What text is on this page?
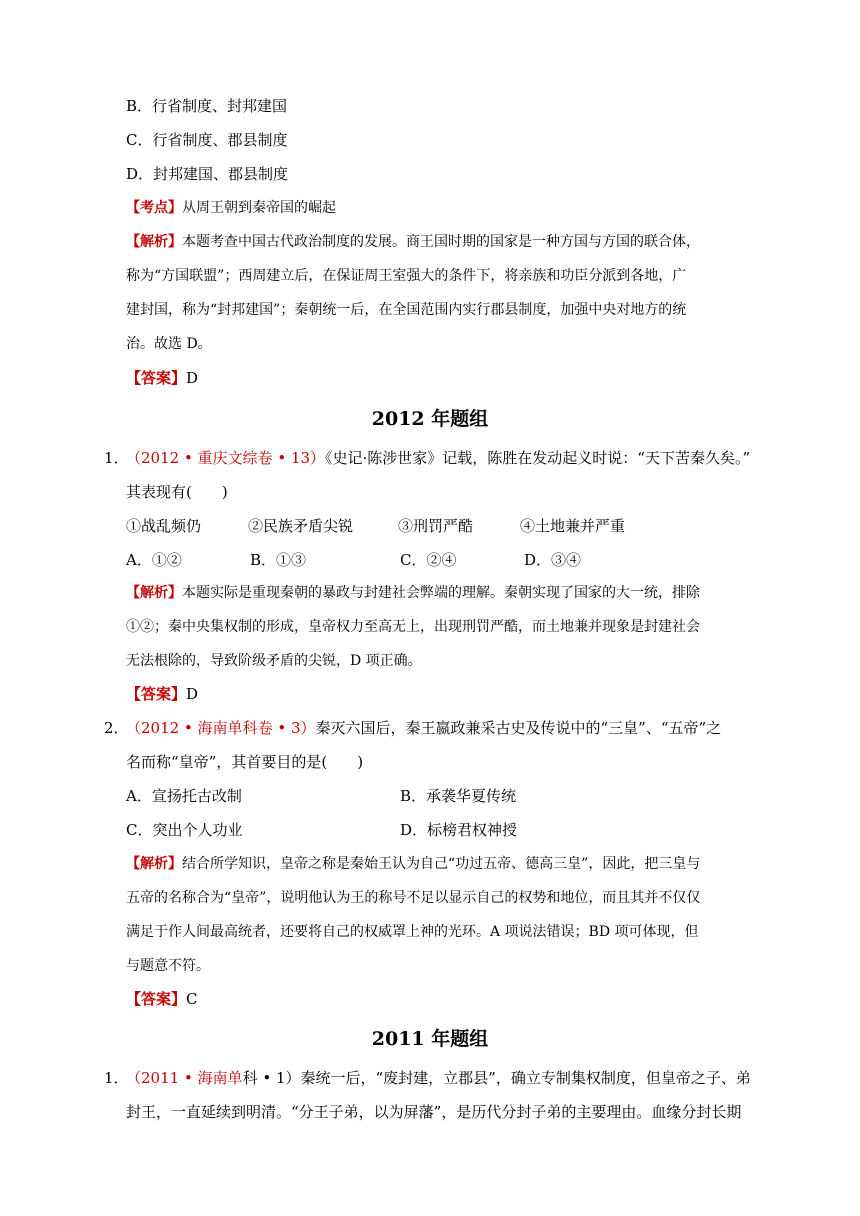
B．行省制度、封邦建国
C．行省制度、郡县制度
D．封邦建国、郡县制度
【考点】从周王朝到秦帝国的崛起
【解析】本题考查中国古代政治制度的发展。商王国时期的国家是一种方国与方国的联合体，
称为“方国联盟”；西周建立后，在保证周王室强大的条件下，将亲族和功臣分派到各地，广
建封国，称为“封邦建国”；秦朝统一后，在全国范围内实行郡县制度，加强中央对地方的统
治。故选 D。
【答案】D
2012 年题组
1．
（2012 • 重庆文综卷 • 13）《史记·陈涉世家》记载，陈胜在发动起义时说：“天下苦秦久矣。”
其表现有(　　)
①战乱频仍	②民族矛盾尖锐	③刑罚严酷	④土地兼并严重
A．①②	B．①③	C．②④	D．③④
【解析】本题实际是重现秦朝的暴政与封建社会弊端的理解。秦朝实现了国家的大一统，排除
①②；秦中央集权制的形成，皇帝权力至高无上，出现刑罚严酷，而土地兼并现象是封建社会
无法根除的，导致阶级矛盾的尖锐，D 项正确。
【答案】D
2．
（2012 • 海南单科卷 • 3）秦灭六国后，秦王嬴政兼采古史及传说中的“三皇”、“五帝”之
名而称“皇帝”，其首要目的是(　　)
A．宣扬托古改制	B．承袭华夏传统
C．突出个人功业	D．标榜君权神授
【解析】结合所学知识，皇帝之称是秦始王认为自己“功过五帝、德高三皇”，因此，把三皇与
五帝的名称合为“皇帝”，说明他认为王的称号不足以显示自己的权势和地位，而且其并不仅仅
满足于作人间最高统者，还要将自己的权威罩上神的光环。A 项说法错误；BD 项可体现，但
与题意不符。
【答案】C
2011 年题组
1．
（2011 • 海南单科 • 1）秦统一后，“废封建，立郡县”，确立专制集权制度，但皇帝之子、弟
封王，一直延续到明清。“分王子弟，以为屏藩”，是历代分封子弟的主要理由。血缘分封长期
